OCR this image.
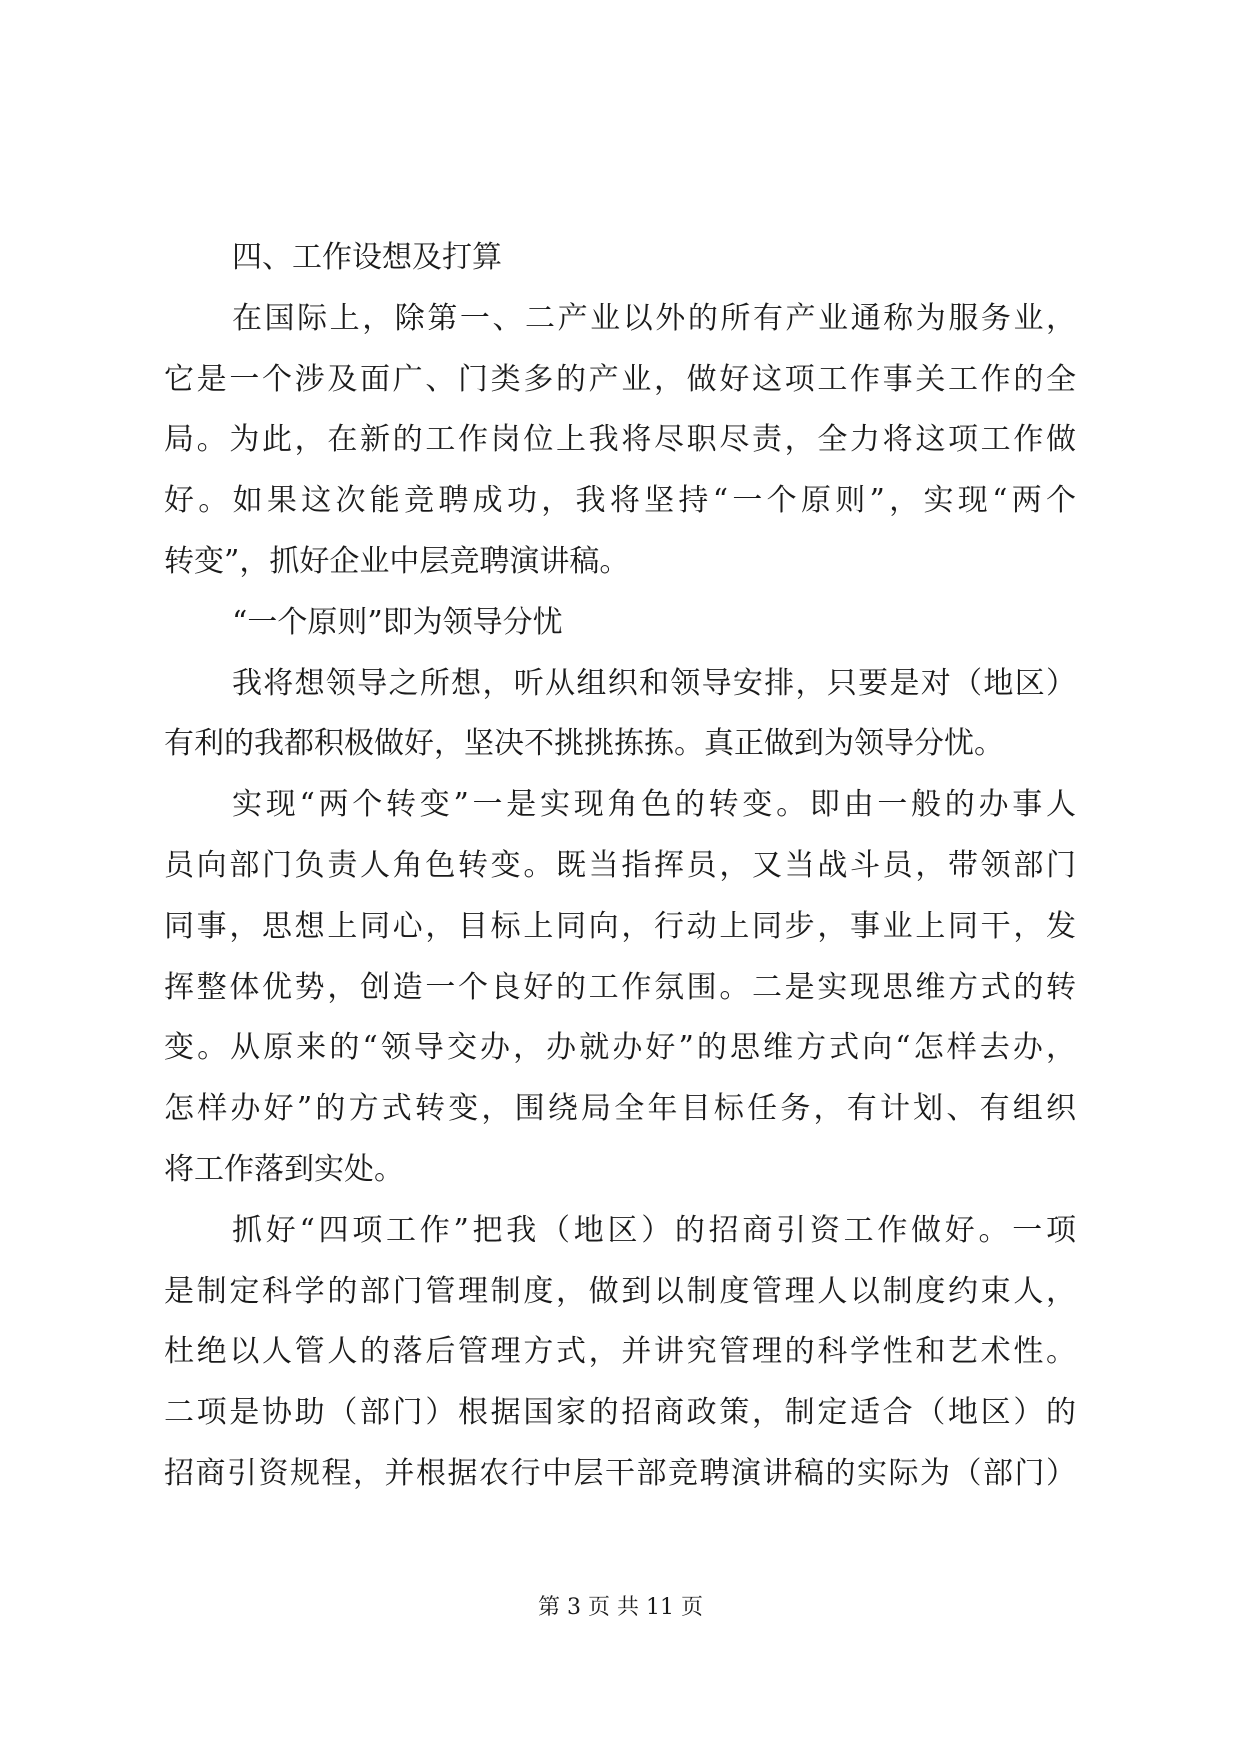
四、工作设想及打算
在国际上，除第一、二产业以外的所有产业通称为服务业，
它是一个涉及面广、门类多的产业，做好这项工作事关工作的全
局。为此，在新的工作岗位上我将尽职尽责，全力将这项工作做
好。如果这次能竞聘成功，我将坚持“一个原则”，实现“两个
转变”，抓好企业中层竞聘演讲稿。
“一个原则”即为领导分忧
我将想领导之所想，听从组织和领导安排，只要是对（地区）
有利的我都积极做好，坚决不挑挑拣拣。真正做到为领导分忧。
实现“两个转变”一是实现角色的转变。即由一般的办事人
员向部门负责人角色转变。既当指挥员，又当战斗员，带领部门
同事，思想上同心，目标上同向，行动上同步，事业上同干，发
挥整体优势，创造一个良好的工作氛围。二是实现思维方式的转
变。从原来的“领导交办，办就办好”的思维方式向“怎样去办，
怎样办好”的方式转变，围绕局全年目标任务，有计划、有组织
将工作落到实处。
抓好“四项工作”把我（地区）的招商引资工作做好。一项
是制定科学的部门管理制度，做到以制度管理人以制度约束人，
杜绝以人管人的落后管理方式，并讲究管理的科学性和艺术性。
二项是协助（部门）根据国家的招商政策，制定适合（地区）的
招商引资规程，并根据农行中层干部竞聘演讲稿的实际为（部门）
第 3 页 共 11 页
